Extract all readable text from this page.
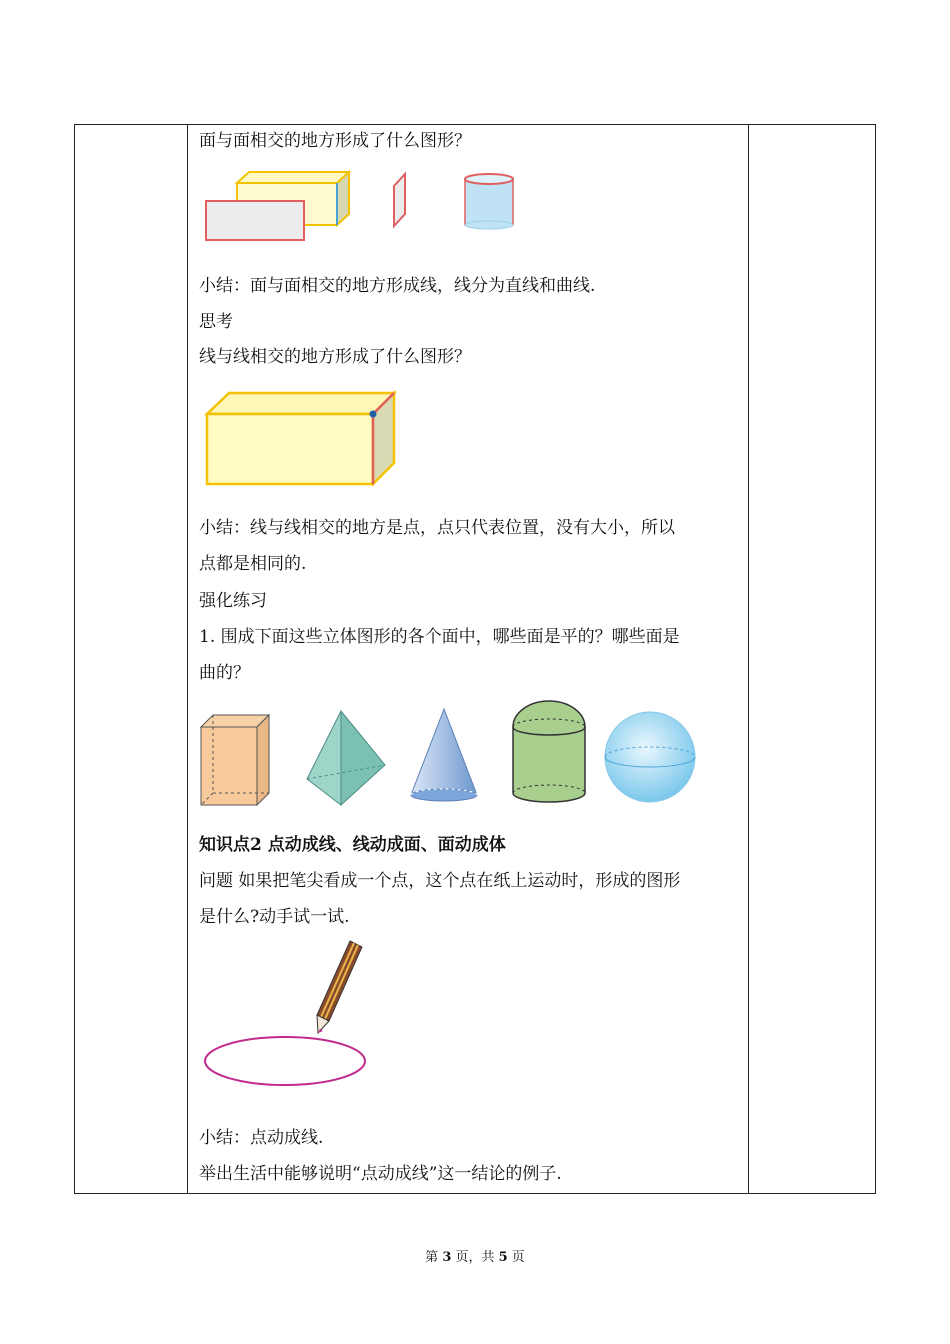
面与面相交的地方形成了什么图形？
小结：面与面相交的地方形成线，线分为直线和曲线.
思考
线与线相交的地方形成了什么图形？
小结：线与线相交的地方是点，点只代表位置，没有大小，所以
点都是相同的.
强化练习
1. 围成下面这些立体图形的各个面中，哪些面是平的？哪些面是
曲的？
知识点2 点动成线、线动成面、面动成体
问题 如果把笔尖看成一个点，这个点在纸上运动时，形成的图形
是什么?动手试一试.
小结：点动成线.
举出生活中能够说明“点动成线”这一结论的例子.
第 3 页，共 5 页
